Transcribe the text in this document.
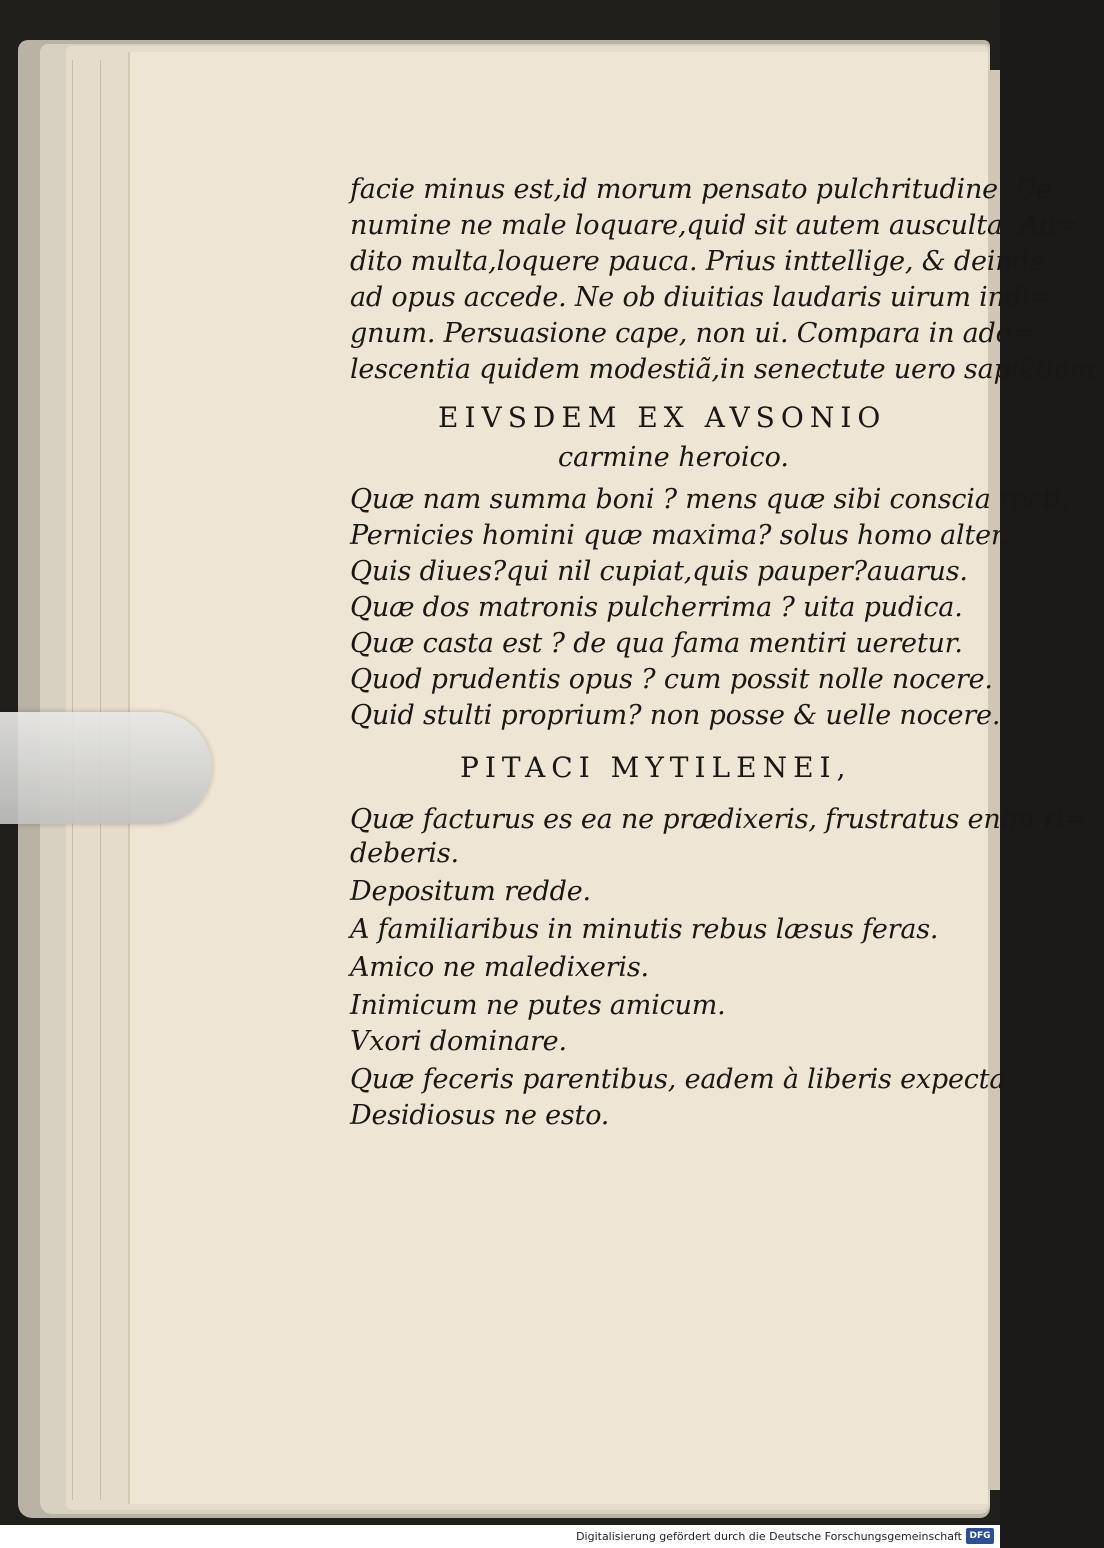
facie minus est,id morum pensato pulchritudine. De
numine ne male loquare,quid sit autem ausculta. Au=
dito multa,loquere pauca. Prius inttellige, & deinde
ad opus accede. Ne ob diuitias laudaris uirum indi=
gnum. Persuasione cape, non ui. Compara in ado=
lescentia quidem modestiã,in senectute uero sapiẽtiam.
EIVSDEM EX AVSONIO
carmine heroico.
Quæ nam summa boni ? mens quæ sibi conscia recti.
Pernicies homini quæ maxima? solus homo alter.
Quis diues?qui nil cupiat,quis pauper?auarus.
Quæ dos matronis pulcherrima ? uita pudica.
Quæ casta est ? de qua fama mentiri ueretur.
Quod prudentis opus ? cum possit nolle nocere.
Quid stulti proprium? non posse & uelle nocere.
PITACI MYTILENEI,
Quæ facturus es ea ne prædixeris, frustratus enim ri=
deberis.
Depositum redde.
A familiaribus in minutis rebus læsus feras.
Amico ne maledixeris.
Inimicum ne putes amicum.
Vxori dominare.
Quæ feceris parentibus, eadem à liberis expecta.
Desidiosus ne esto.
Digitalisierung gefördert durch die Deutsche Forschungsgemeinschaft DFG
